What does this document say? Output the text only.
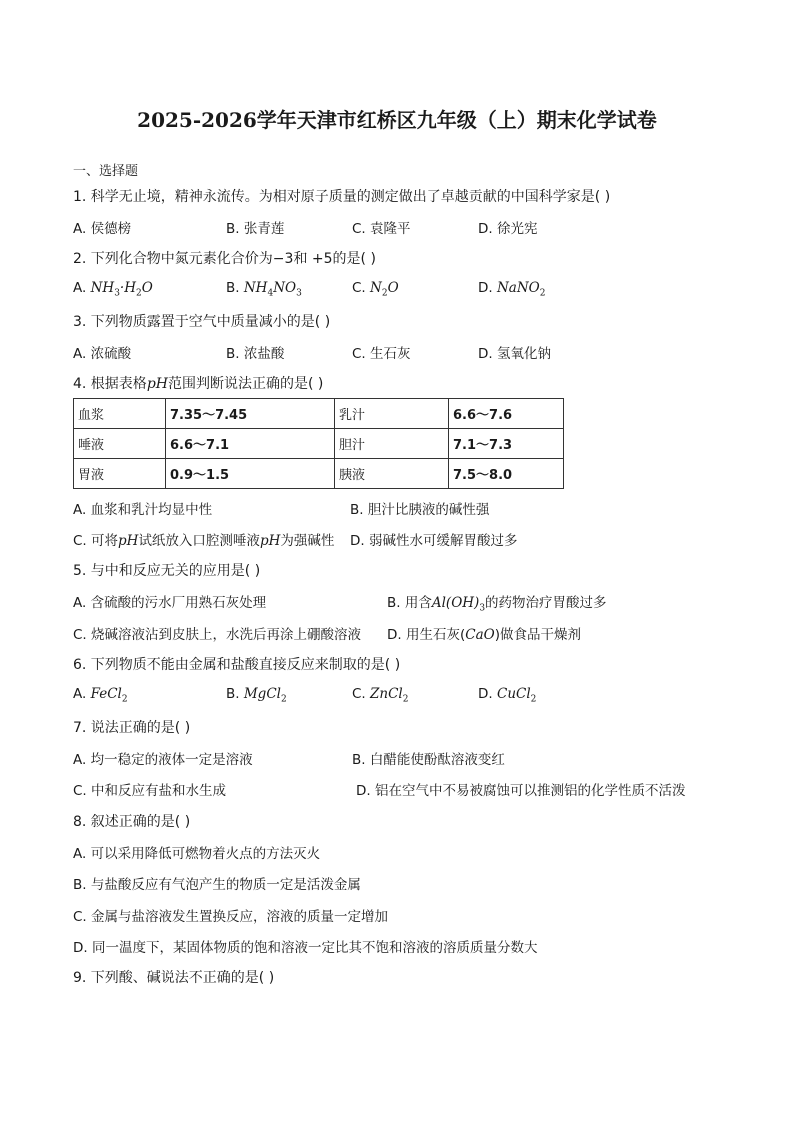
2025-2026学年天津市红桥区九年级（上）期末化学试卷
一、选择题
1. 科学无止境，精神永流传。为相对原子质量的测定做出了卓越贡献的中国科学家是( )
A. 侯德榜	B. 张青莲	C. 袁隆平	D. 徐光宪
2. 下列化合物中氮元素化合价为−3和 +5的是( )
A. $NH_3\cdot H_2O$	B. $NH_4NO_3$	C. $N_2O$	D. NaNO$_2$
3. 下列物质露置于空气中质量减小的是( )
A. 浓硫酸	B. 浓盐酸	C. 生石灰	D. 氢氧化钠
4. 根据表格pH范围判断说法正确的是( )
血浆	7.35～7.45	乳汁	6.6～7.6
唾液	6.6～7.1	胆汁	7.1～7.3
胃液	0.9～1.5	胰液	7.5～8.0
A. 血浆和乳汁均显中性	B. 胆汁比胰液的碱性强
C. 可将pH试纸放入口腔测唾液pH为强碱性 D. 弱碱性水可缓解胃酸过多
5. 与中和反应无关的应用是( )
A. 含硫酸的污水厂用熟石灰处理	B. 用含$Al(OH)_3$的药物治疗胃酸过多
C. 烧碱溶液沾到皮肤上，水洗后再涂上硼酸溶液 D. 用生石灰(CaO)做食品干燥剂
6. 下列物质不能由金属和盐酸直接反应来制取的是( )
A. FeCl$_2$	B. MgCl$_2$	C. ZnCl$_2$	D. CuCl$_2$
7. 说法正确的是( )
A. 均一稳定的液体一定是溶液	B. 白醋能使酚酞溶液变红
C. 中和反应有盐和水生成	D. 铝在空气中不易被腐蚀可以推测铝的化学性质不活泼
8. 叙述正确的是( )
A. 可以采用降低可燃物着火点的方法灭火
B. 与盐酸反应有气泡产生的物质一定是活泼金属
C. 金属与盐溶液发生置换反应，溶液的质量一定增加
D. 同一温度下，某固体物质的饱和溶液一定比其不饱和溶液的溶质质量分数大
9. 下列酸、碱说法不正确的是( )
